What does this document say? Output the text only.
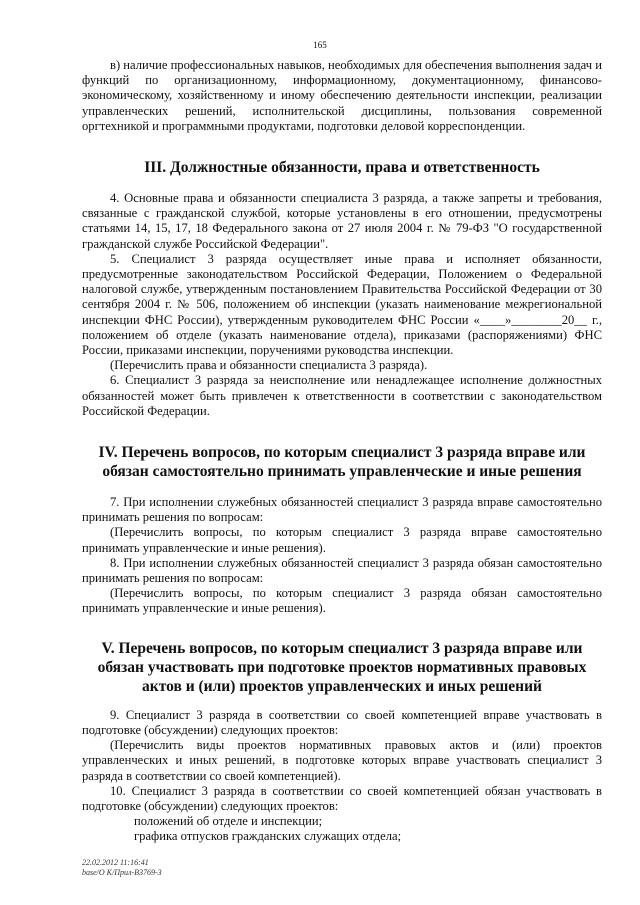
165

в) наличие профессиональных навыков, необходимых для обеспечения выполнения задач и функций по организационному, информационному, документационному, финансово-экономическому, хозяйственному и иному обеспечению деятельности инспекции, реализации управленческих решений, исполнительской дисциплины, пользования современной оргтехникой и программными продуктами, подготовки деловой корреспонденции.

III. Должностные обязанности, права и ответственность

4. Основные права и обязанности специалиста 3 разряда, а также запреты и требования, связанные с гражданской службой, которые установлены в его отношении, предусмотрены статьями 14, 15, 17, 18 Федерального закона от 27 июля 2004 г. № 79-ФЗ "О государственной гражданской службе Российской Федерации".

5. Специалист 3 разряда осуществляет иные права и исполняет обязанности, предусмотренные законодательством Российской Федерации, Положением о Федеральной налоговой службе, утвержденным постановлением Правительства Российской Федерации от 30 сентября 2004 г. № 506, положением об инспекции (указать наименование межрегиональной инспекции ФНС России), утвержденным руководителем ФНС России «____»________20__ г., положением об отделе (указать наименование отдела), приказами (распоряжениями) ФНС России, приказами инспекции, поручениями руководства инспекции.

(Перечислить права и обязанности специалиста 3 разряда).

6. Специалист 3 разряда за неисполнение или ненадлежащее исполнение должностных обязанностей может быть привлечен к ответственности в соответствии с законодательством Российской Федерации.

IV. Перечень вопросов, по которым специалист 3 разряда вправе или обязан самостоятельно принимать управленческие и иные решения

7. При исполнении служебных обязанностей специалист 3 разряда вправе самостоятельно принимать решения по вопросам:

(Перечислить вопросы, по которым специалист 3 разряда вправе самостоятельно принимать управленческие и иные решения).

8. При исполнении служебных обязанностей специалист 3 разряда обязан самостоятельно принимать решения по вопросам:

(Перечислить вопросы, по которым специалист 3 разряда обязан самостоятельно принимать управленческие и иные решения).

V. Перечень вопросов, по которым специалист 3 разряда вправе или обязан участвовать при подготовке проектов нормативных правовых актов и (или) проектов управленческих и иных решений

9. Специалист 3 разряда в соответствии со своей компетенцией вправе участвовать в подготовке (обсуждении) следующих проектов:

(Перечислить виды проектов нормативных правовых актов и (или) проектов управленческих и иных решений, в подготовке которых вправе участвовать специалист 3 разряда в соответствии со своей компетенцией).

10. Специалист 3 разряда в соответствии со своей компетенцией обязан участвовать в подготовке (обсуждении) следующих проектов:

положений об отделе и инспекции;

графика отпусков гражданских служащих отдела;

22.02.2012 11:16:41
base/О К/Прил-В3769-3
